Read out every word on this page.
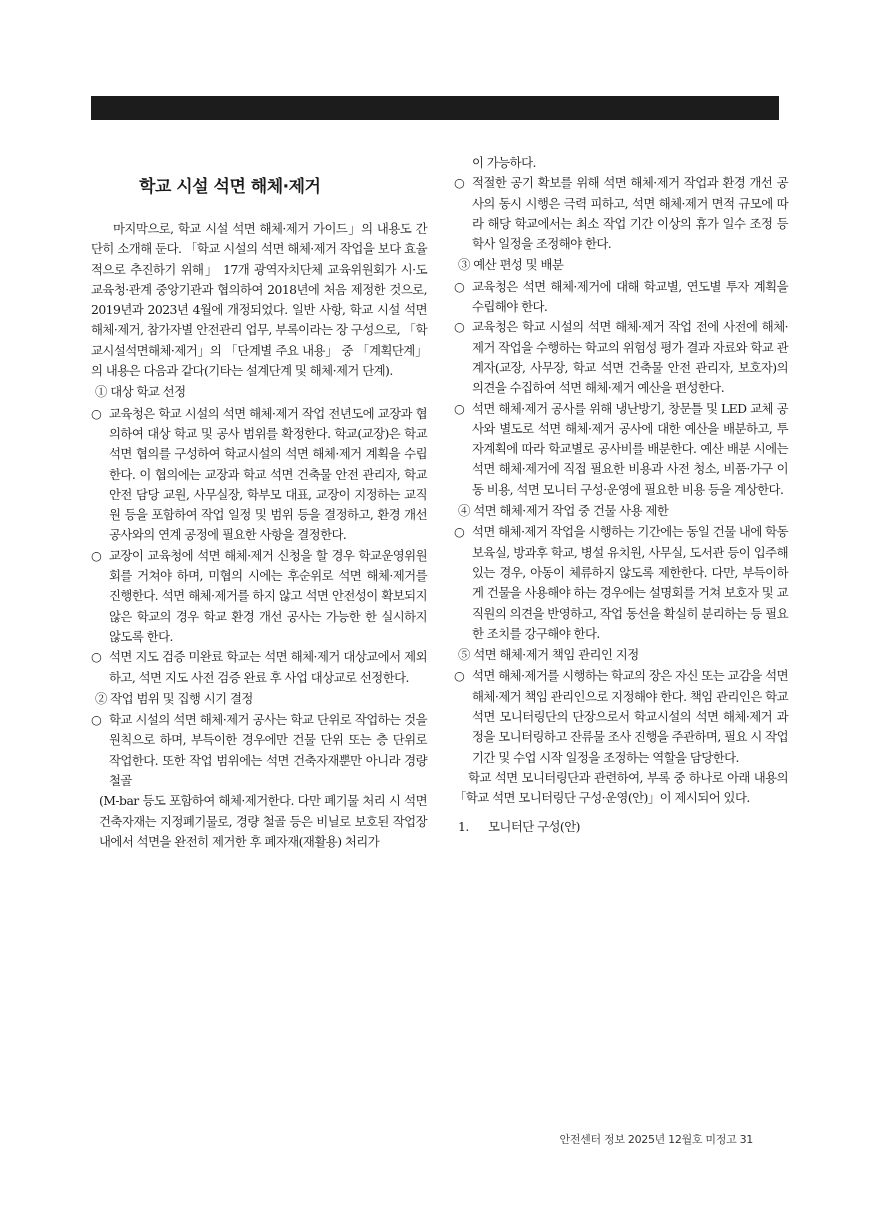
학교 시설 석면 해체·제거

마지막으로, 학교 시설 석면 해체·제거 가이드」의 내용도 간단히 소개해 둔다. 「학교 시설의 석면 해체·제거 작업을 보다 효율적으로 추진하기 위해」 17개 광역자치단체 교육위원회가 시·도 교육청·관계 중앙기관과 협의하여 2018년에 처음 제정한 것으로, 2019년과 2023년 4월에 개정되었다. 일반 사항, 학교 시설 석면 해체·제거, 참가자별 안전관리 업무, 부록이라는 장 구성으로, 「학교시설석면해체·제거」의 「단계별 주요 내용」 중 「계획단계」의 내용은 다음과 같다(기타는 설계단계 및 해체·제거 단계).

① 대상 학교 선정

○ 교육청은 학교 시설의 석면 해체·제거 작업 전년도에 교장과 협의하여 대상 학교 및 공사 범위를 확정한다. 학교(교장)은 학교 석면 협의를 구성하여 학교시설의 석면 해체·제거 계획을 수립한다. 이 협의에는 교장과 학교 석면 건축물 안전 관리자, 학교 안전 담당 교원, 사무실장, 학부모 대표, 교장이 지정하는 교직원 등을 포함하여 작업 일정 및 범위 등을 결정하고, 환경 개선 공사와의 연계 공정에 필요한 사항을 결정한다.

○ 교장이 교육청에 석면 해체·제거 신청을 할 경우 학교운영위원회를 거쳐야 하며, 미협의 시에는 후순위로 석면 해체·제거를 진행한다. 석면 해체·제거를 하지 않고 석면 안전성이 확보되지 않은 학교의 경우 학교 환경 개선 공사는 가능한 한 실시하지 않도록 한다.

○ 석면 지도 검증 미완료 학교는 석면 해체·제거 대상교에서 제외하고, 석면 지도 사전 검증 완료 후 사업 대상교로 선정한다.

② 작업 범위 및 집행 시기 결정

○ 학교 시설의 석면 해체·제거 공사는 학교 단위로 작업하는 것을 원칙으로 하며, 부득이한 경우에만 건물 단위 또는 층 단위로 작업한다. 또한 작업 범위에는 석면 건축자재뿐만 아니라 경량 철골

(M-bar 등도 포함하여 해체·제거한다. 다만 폐기물 처리 시 석면 건축자재는 지정폐기물로, 경량 철골 등은 비닐로 보호된 작업장 내에서 석면을 완전히 제거한 후 폐자재(재활용) 처리가

이 가능하다.

○ 적절한 공기 확보를 위해 석면 해체·제거 작업과 환경 개선 공사의 동시 시행은 극력 피하고, 석면 해체·제거 면적 규모에 따라 해당 학교에서는 최소 작업 기간 이상의 휴가 일수 조정 등 학사 일정을 조정해야 한다.

③ 예산 편성 및 배분

○ 교육청은 석면 해체·제거에 대해 학교별, 연도별 투자 계획을 수립해야 한다.

○ 교육청은 학교 시설의 석면 해체·제거 작업 전에 사전에 해체·제거 작업을 수행하는 학교의 위험성 평가 결과 자료와 학교 관계자(교장, 사무장, 학교 석면 건축물 안전 관리자, 보호자)의 의견을 수집하여 석면 해체·제거 예산을 편성한다.

○ 석면 해체·제거 공사를 위해 냉난방기, 창문틀 및 LED 교체 공사와 별도로 석면 해체·제거 공사에 대한 예산을 배분하고, 투자계획에 따라 학교별로 공사비를 배분한다. 예산 배분 시에는 석면 해체·제거에 직접 필요한 비용과 사전 청소, 비품·가구 이동 비용, 석면 모니터 구성·운영에 필요한 비용 등을 계상한다.

④ 석면 해체·제거 작업 중 건물 사용 제한

○ 석면 해체·제거 작업을 시행하는 기간에는 동일 건물 내에 학동 보육실, 방과후 학교, 병설 유치원, 사무실, 도서관 등이 입주해 있는 경우, 아동이 체류하지 않도록 제한한다. 다만, 부득이하게 건물을 사용해야 하는 경우에는 설명회를 거쳐 보호자 및 교직원의 의견을 반영하고, 작업 동선을 확실히 분리하는 등 필요한 조치를 강구해야 한다.

⑤ 석면 해체·제거 책임 관리인 지정

○ 석면 해체·제거를 시행하는 학교의 장은 자신 또는 교감을 석면 해체·제거 책임 관리인으로 지정해야 한다. 책임 관리인은 학교 석면 모니터링단의 단장으로서 학교시설의 석면 해체·제거 과정을 모니터링하고 잔류물 조사 진행을 주관하며, 필요 시 작업 기간 및 수업 시작 일정을 조정하는 역할을 담당한다.

학교 석면 모니터링단과 관련하여, 부록 중 하나로 아래 내용의 「학교 석면 모니터링단 구성·운영(안)」이 제시되어 있다.

1. 모니터단 구성(안)
안전센터 정보 2025년 12월호 미정고 31
